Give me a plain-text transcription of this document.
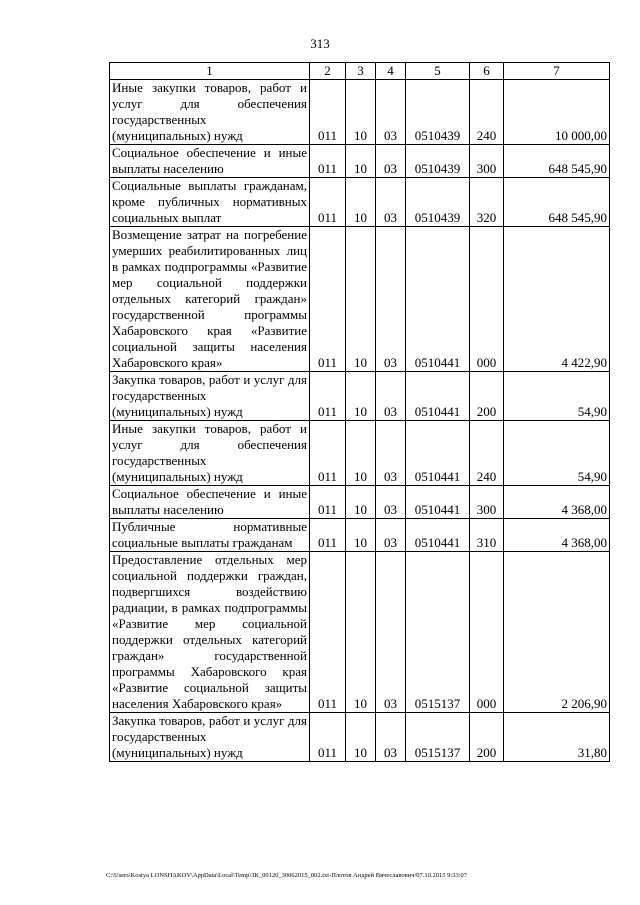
313
1	2	3	4	5	6	7
Иные закупки товаров, работ и услуг для обеспечения государственных (муниципальных) нужд	011	10	03	0510439	240	10 000,00
Социальное обеспечение и иные выплаты населению	011	10	03	0510439	300	648 545,90
Социальные выплаты гражданам, кроме публичных нормативных социальных выплат	011	10	03	0510439	320	648 545,90
Возмещение затрат на погребение умерших реабилитированных лиц в рамках подпрограммы «Развитие мер социальной поддержки отдельных категорий граждан» государственной программы Хабаровского края «Развитие социальной защиты населения Хабаровского края»	011	10	03	0510441	000	4 422,90
Закупка товаров, работ и услуг для государственных (муниципальных) нужд	011	10	03	0510441	200	54,90
Иные закупки товаров, работ и услуг для обеспечения государственных (муниципальных) нужд	011	10	03	0510441	240	54,90
Социальное обеспечение и иные выплаты населению	011	10	03	0510441	300	4 368,00
Публичные нормативные социальные выплаты гражданам	011	10	03	0510441	310	4 368,00
Предоставление отдельных мер социальной поддержки граждан, подвергшихся воздействию радиации, в рамках подпрограммы «Развитие мер социальной поддержки отдельных категорий граждан» государственной программы Хабаровского края «Развитие социальной защиты населения Хабаровского края»	011	10	03	0515137	000	2 206,90
Закупка товаров, работ и услуг для государственных (муниципальных) нужд	011	10	03	0515137	200	31,80
C:\Users\Kostya LONSHAKOV\AppData\Local\Temp\ЗК_00120_30062015_002.txt-Плотов Андрей Вячеславович/07.10.2015 9:33:07
